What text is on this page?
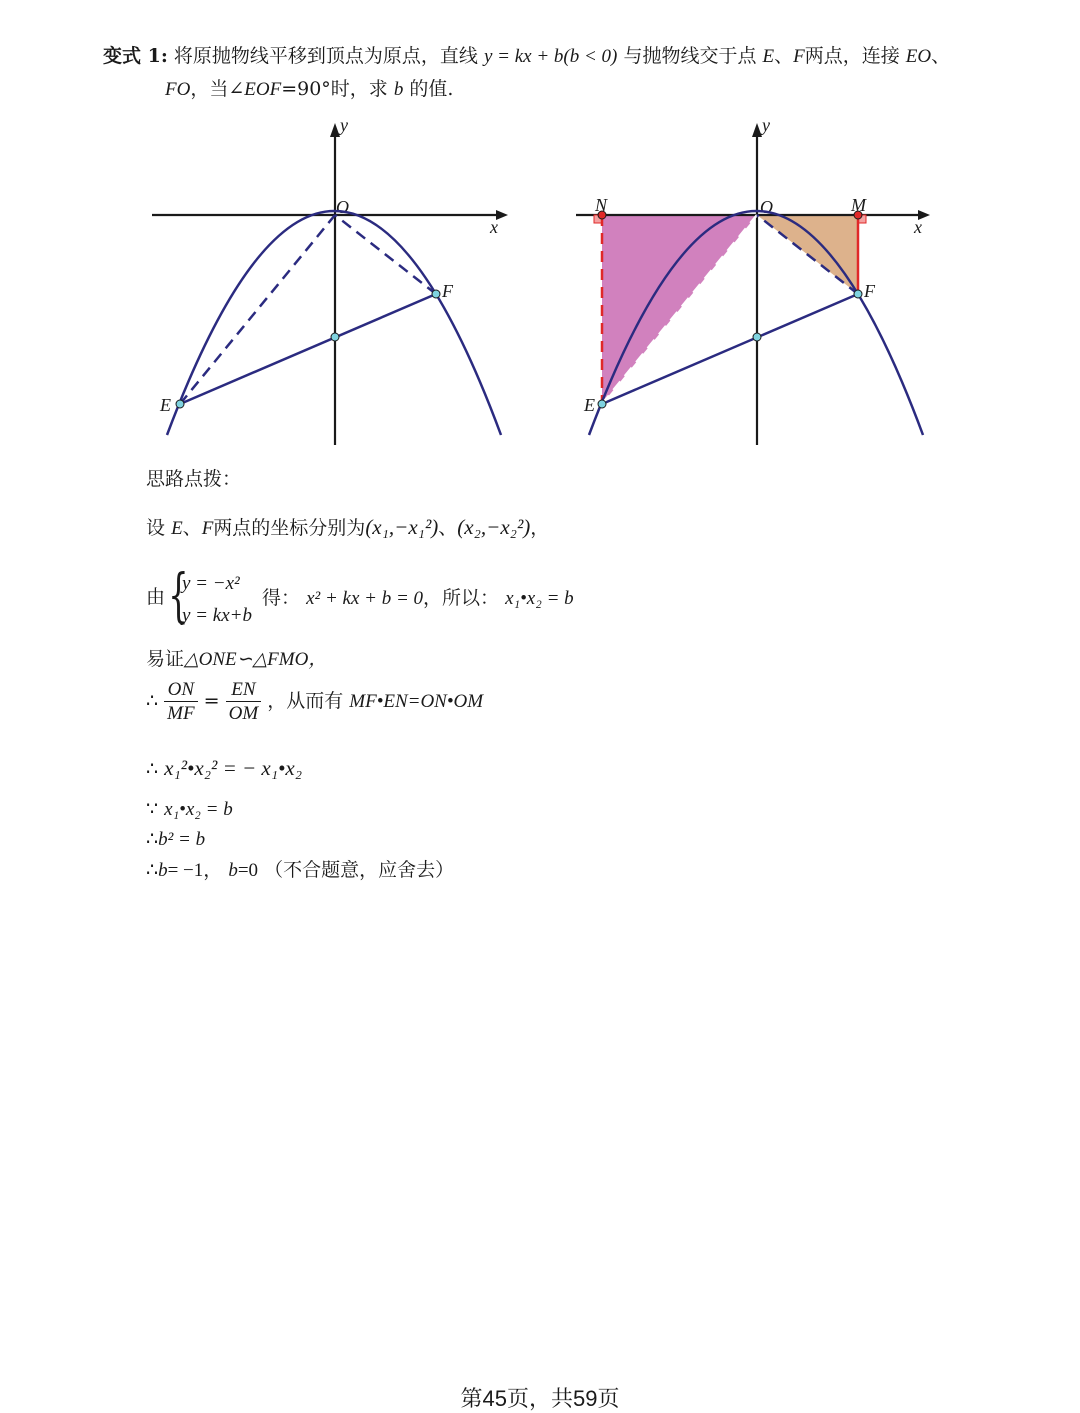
变式 1: 将原抛物线平移到顶点为原点，直线 y = kx + b(b < 0) 与抛物线交于点 E、F两点，连接 EO、
FO，当∠EOF=90°时，求 b 的值.
y
x
O
E
F
y
x
O
N	M
E
F
思路点拨：
设 E、F两点的坐标分别为(x₁,−x₁²)、(x₂,−x₂²)，
由 {
y = −x²
y = kx+b
得： x² + kx + b = 0，所以： x₁•x₂ = b
易证△ONE∽△FMO，
∴ $\frac{ON}{MF} = \frac{EN}{OM}$ ，从而有 MF•EN=ON•OM
∴ x₁²•x₂² = − x₁•x₂
∵ x₁•x₂ = b
∴b² = b
∴b= −1， b=0 （不合题意，应舍去）
第45页，共59页
